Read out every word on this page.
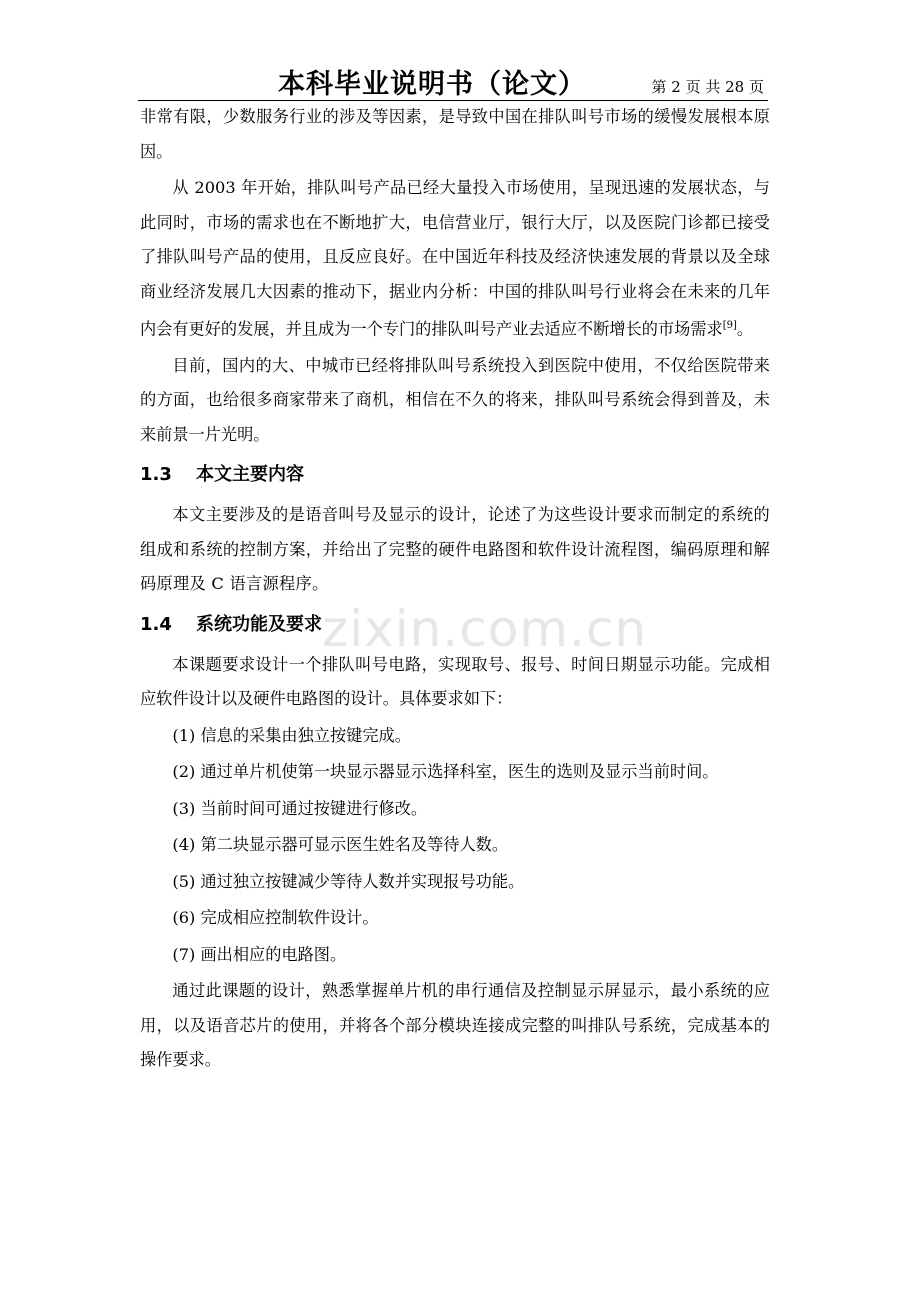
本科毕业说明书（论文）	第 2 页 共 28 页

非常有限，少数服务行业的涉及等因素，是导致中国在排队叫号市场的缓慢发展根本原因。

从 2003 年开始，排队叫号产品已经大量投入市场使用，呈现迅速的发展状态，与此同时，市场的需求也在不断地扩大，电信营业厅，银行大厅，以及医院门诊都已接受了排队叫号产品的使用，且反应良好。在中国近年科技及经济快速发展的背景以及全球商业经济发展几大因素的推动下，据业内分析：中国的排队叫号行业将会在未来的几年内会有更好的发展，并且成为一个专门的排队叫号产业去适应不断增长的市场需求[9]。

目前，国内的大、中城市已经将排队叫号系统投入到医院中使用，不仅给医院带来的方面，也给很多商家带来了商机，相信在不久的将来，排队叫号系统会得到普及，未来前景一片光明。

1.3 本文主要内容

本文主要涉及的是语音叫号及显示的设计，论述了为这些设计要求而制定的系统的组成和系统的控制方案，并给出了完整的硬件电路图和软件设计流程图，编码原理和解码原理及 C 语言源程序。

1.4 系统功能及要求

本课题要求设计一个排队叫号电路，实现取号、报号、时间日期显示功能。完成相应软件设计以及硬件电路图的设计。具体要求如下：

(1) 信息的采集由独立按键完成。

(2) 通过单片机使第一块显示器显示选择科室，医生的选则及显示当前时间。

(3) 当前时间可通过按键进行修改。

(4) 第二块显示器可显示医生姓名及等待人数。

(5) 通过独立按键减少等待人数并实现报号功能。

(6) 完成相应控制软件设计。

(7) 画出相应的电路图。

通过此课题的设计，熟悉掌握单片机的串行通信及控制显示屏显示，最小系统的应用，以及语音芯片的使用，并将各个部分模块连接成完整的叫排队号系统，完成基本的操作要求。

zixin.com.cn
